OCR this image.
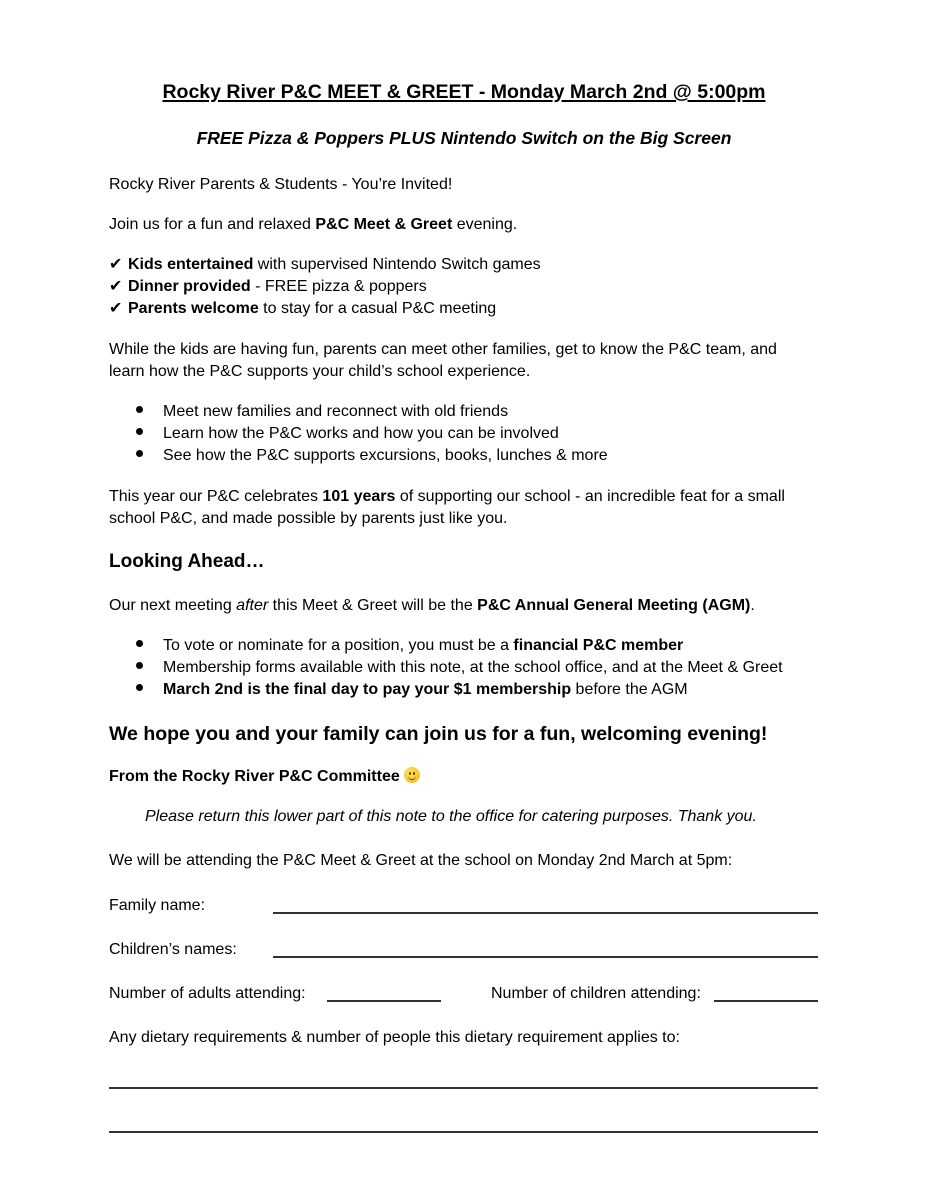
Rocky River P&C MEET & GREET - Monday March 2nd @ 5:00pm
FREE Pizza & Poppers PLUS Nintendo Switch on the Big Screen
Rocky River Parents & Students - You’re Invited!
Join us for a fun and relaxed P&C Meet & Greet evening.
✔ Kids entertained with supervised Nintendo Switch games
✔ Dinner provided - FREE pizza & poppers
✔ Parents welcome to stay for a casual P&C meeting
While the kids are having fun, parents can meet other families, get to know the P&C team, and
learn how the P&C supports your child’s school experience.
Meet new families and reconnect with old friends
Learn how the P&C works and how you can be involved
See how the P&C supports excursions, books, lunches & more
This year our P&C celebrates 101 years of supporting our school - an incredible feat for a small
school P&C, and made possible by parents just like you.
Looking Ahead…
Our next meeting after this Meet & Greet will be the P&C Annual General Meeting (AGM).
To vote or nominate for a position, you must be a financial P&C member
Membership forms available with this note, at the school office, and at the Meet & Greet
March 2nd is the final day to pay your $1 membership before the AGM
We hope you and your family can join us for a fun, welcoming evening!
From the Rocky River P&C Committee
Please return this lower part of this note to the office for catering purposes. Thank you.
We will be attending the P&C Meet & Greet at the school on Monday 2nd March at 5pm:
Family name:
Children’s names:
Number of adults attending:	Number of children attending:
Any dietary requirements & number of people this dietary requirement applies to:
